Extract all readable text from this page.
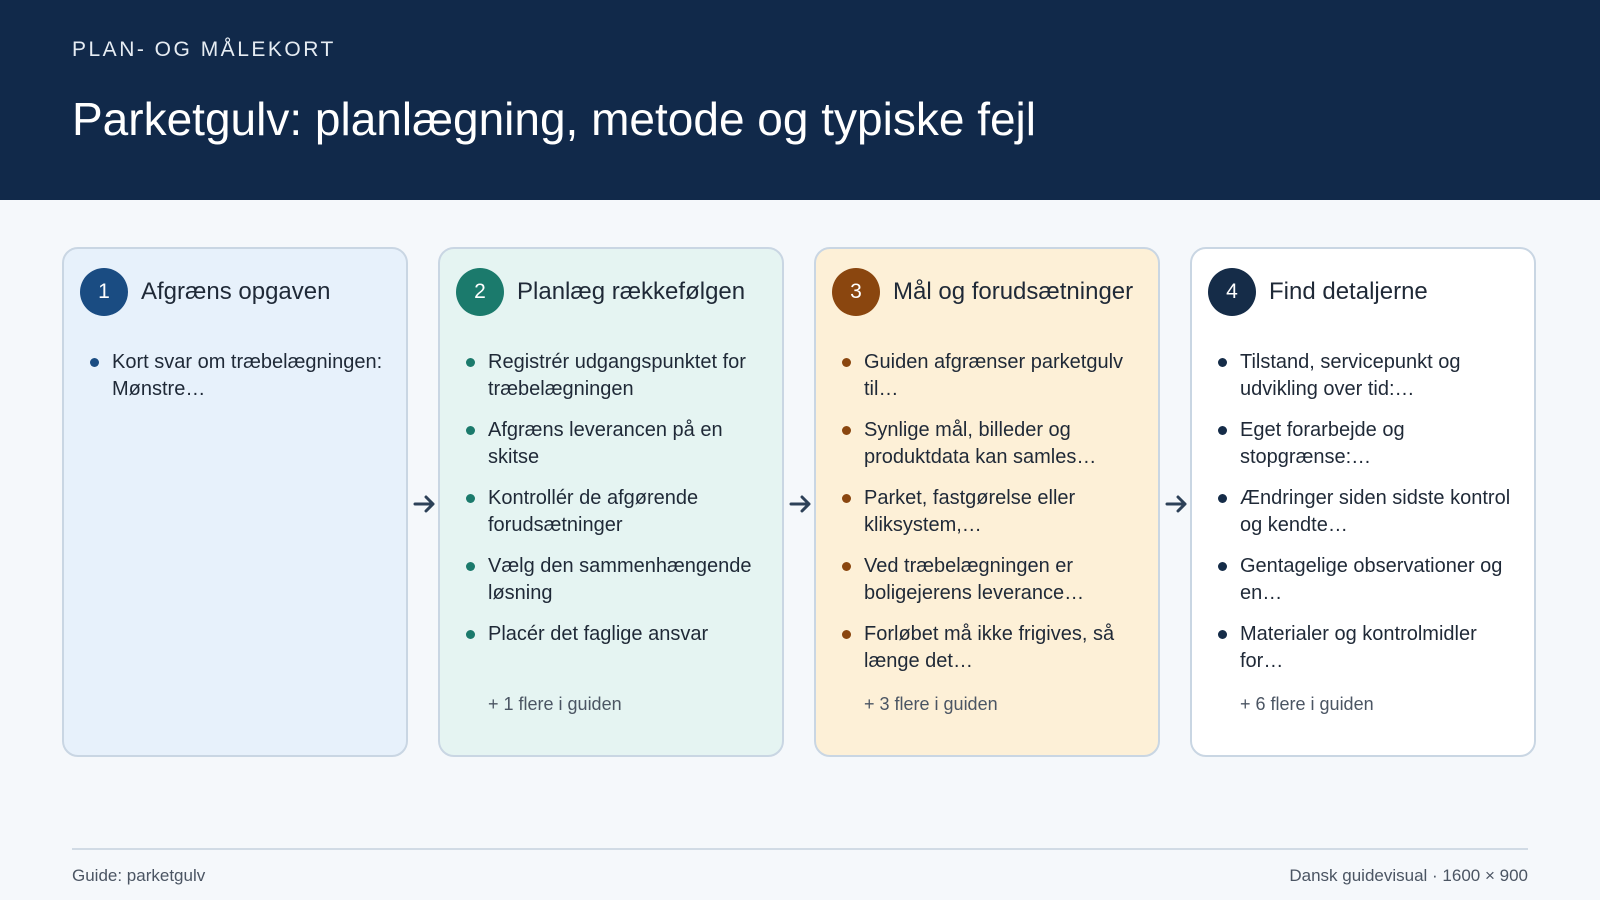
PLAN- OG MÅLEKORT
Parketgulv: planlægning, metode og typiske fejl
1	Afgræns opgaven
Kort svar om træbelægningen: Mønstre…
2	Planlæg rækkefølgen
Registrér udgangspunktet for træbelægningen
Afgræns leverancen på en skitse
Kontrollér de afgørende forudsætninger
Vælg den sammenhængende løsning
Placér det faglige ansvar
+ 1 flere i guiden
3	Mål og forudsætninger
Guiden afgrænser parketgulv til…
Synlige mål, billeder og produktdata kan samles…
Parket, fastgørelse eller kliksystem,…
Ved træbelægningen er boligejerens leverance…
Forløbet må ikke frigives, så længe det…
+ 3 flere i guiden
4	Find detaljerne
Tilstand, servicepunkt og udvikling over tid:…
Eget forarbejde og stopgrænse:…
Ændringer siden sidste kontrol og kendte…
Gentagelige observationer og en…
Materialer og kontrolmidler for…
+ 6 flere i guiden
Guide: parketgulv	Dansk guidevisual · 1600 × 900
